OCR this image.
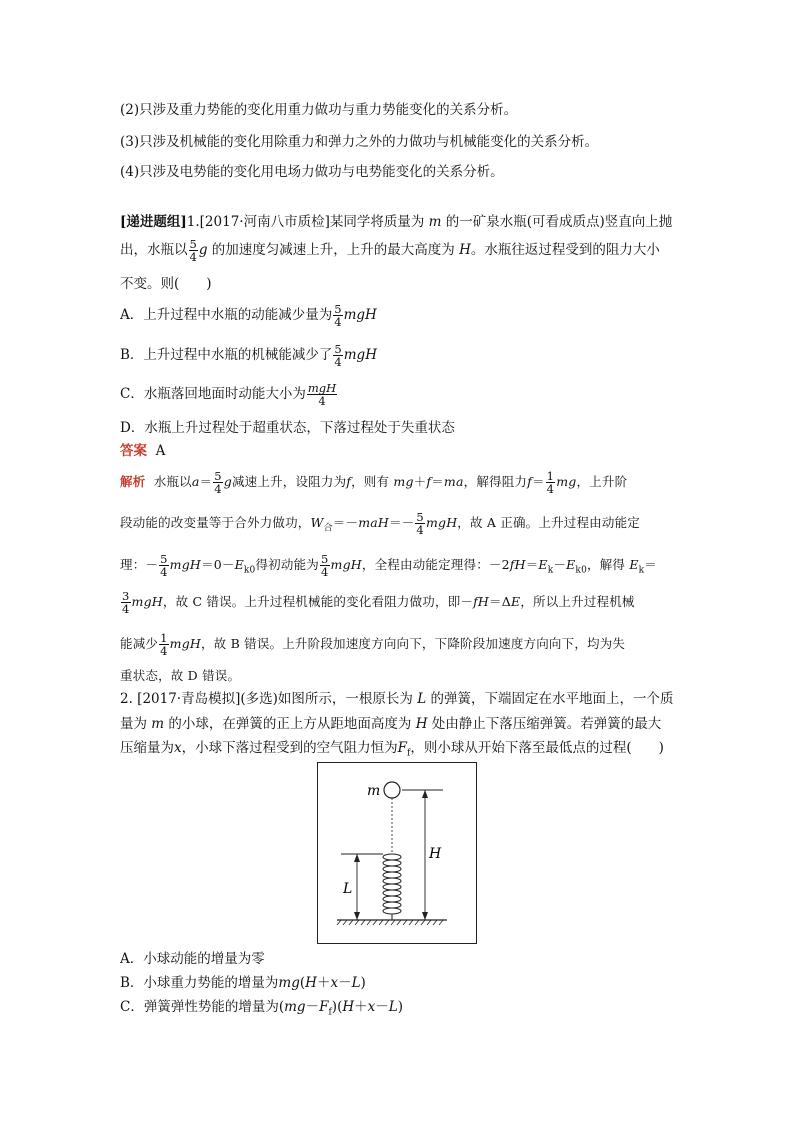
(2)只涉及重力势能的变化用重力做功与重力势能变化的关系分析。
(3)只涉及机械能的变化用除重力和弹力之外的力做功与机械能变化的关系分析。
(4)只涉及电势能的变化用电场力做功与电势能变化的关系分析。
[递进题组]1.[2017·河南八市质检]某同学将质量为 m 的一矿泉水瓶(可看成质点)竖直向上抛
出，水瓶以 $\frac{5}{4}$ g 的加速度匀减速上升，上升的最大高度为 H。水瓶往返过程受到的阻力大小
不变。则(　　)
A．上升过程中水瓶的动能减少量为 $\frac{5}{4}$ mgH
B．上升过程中水瓶的机械能减少了 $\frac{5}{4}$ mgH
C．水瓶落回地面时动能大小为 $\frac{\text{mgH}}{4}$
D．水瓶上升过程处于超重状态，下落过程处于失重状态
答案 A
解析 水瓶以$a= \frac{5}{4}$ g减速上升，设阻力为f，则有 mg＋f＝ma，解得阻力$f= \frac{1}{4}$ mg，上升阶
段动能的改变量等于合外力做功，$W_合=-maH=- \frac{5}{4}$ mgH，故 A 正确。上升过程由动能定
理：－ $\frac{5}{4} mgH=0-E_{k0}$得初动能为 $\frac{5}{4}$ mgH，全程由动能定理得：$-2fH=E_k-E_{k0}$，解得 $E_k=$
$\frac{3}{4}$ mgH，故 C 错误。上升过程机械能的变化看阻力做功，即－fH＝ΔE，所以上升过程机械
能减少 $\frac{1}{4}$ mgH，故 B 错误。上升阶段加速度方向向下，下降阶段加速度方向向下，均为失
重状态，故 D 错误。
2. [2017·青岛模拟](多选)如图所示，一根原长为 L 的弹簧，下端固定在水平地面上，一个质
量为 m 的小球，在弹簧的正上方从距地面高度为 H 处由静止下落压缩弹簧。若弹簧的最大
压缩量为x，小球下落过程受到的空气阻力恒为$F_f$，则小球从开始下落至最低点的过程(　　)
m
H
L
A．小球动能的增量为零
B．小球重力势能的增量为mg(H＋x－L)
C．弹簧弹性势能的增量为$(mg-F_f)(H+x-L)$
